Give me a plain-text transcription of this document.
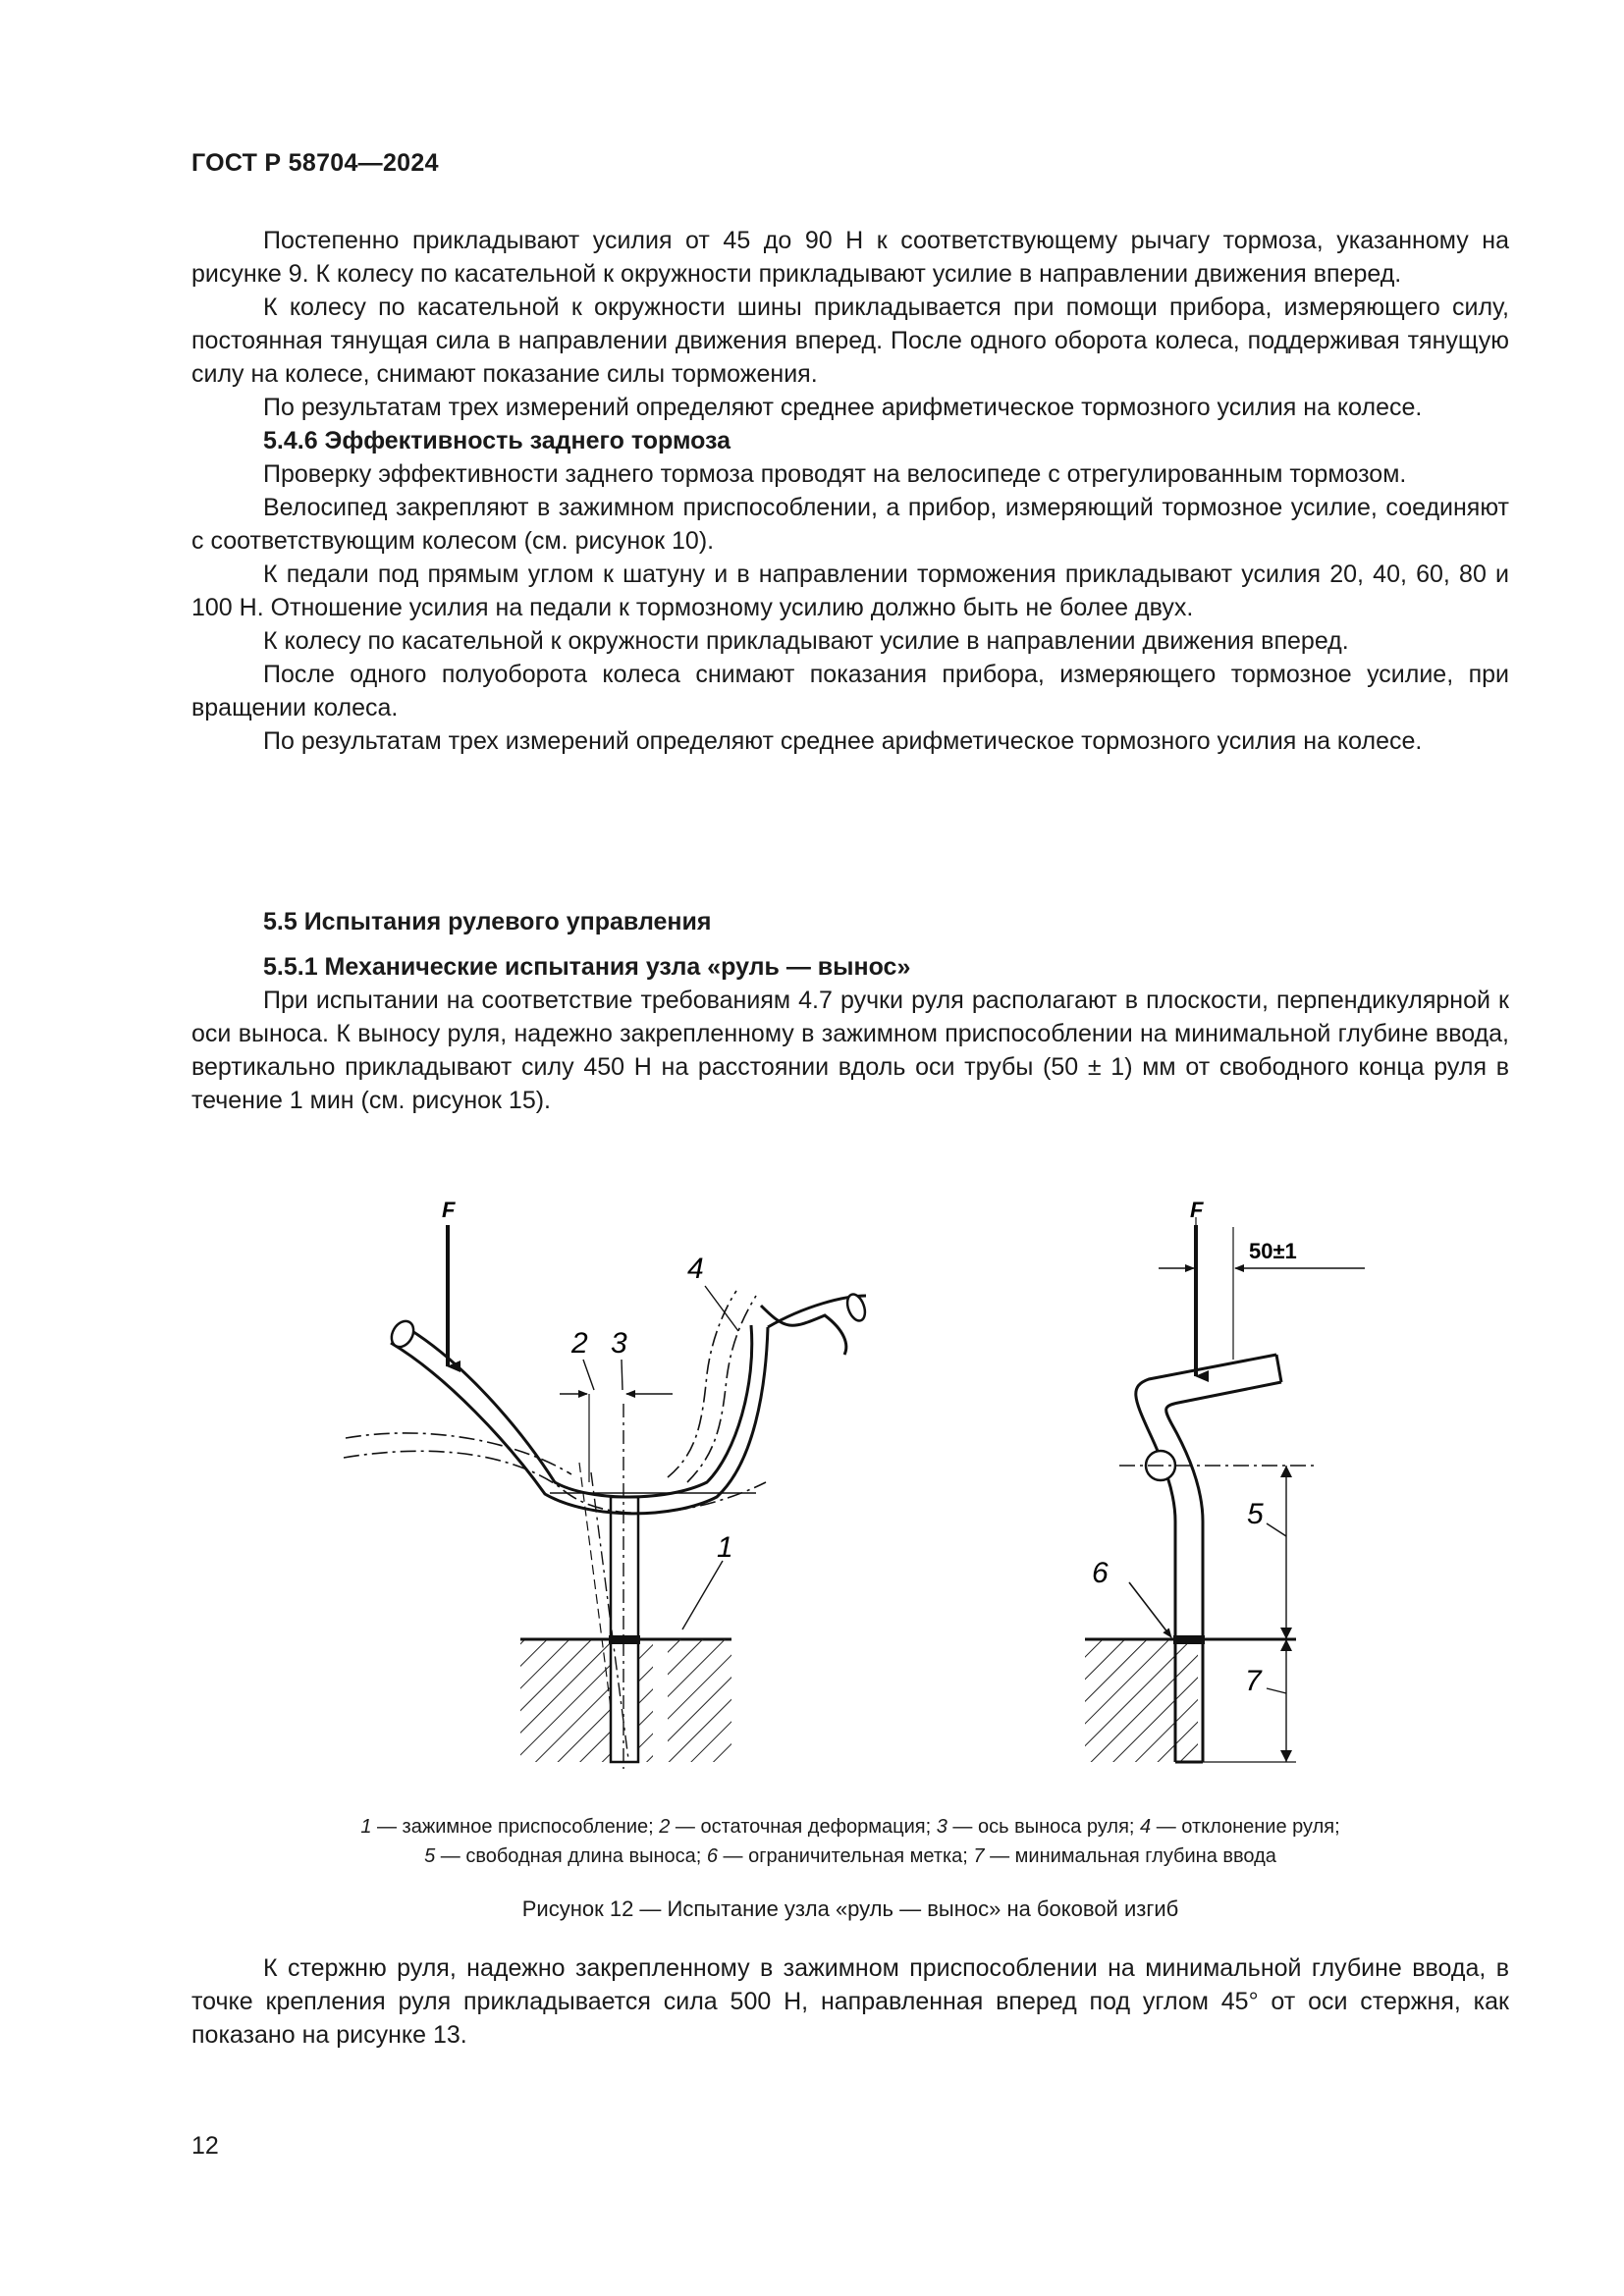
ГОСТ Р 58704—2024

Постепенно прикладывают усилия от 45 до 90 Н к соответствующему рычагу тормоза, указанному на рисунке 9. К колесу по касательной к окружности прикладывают усилие в направлении движения вперед.

К колесу по касательной к окружности шины прикладывается при помощи прибора, измеряющего силу, постоянная тянущая сила в направлении движения вперед. После одного оборота колеса, поддерживая тянущую силу на колесе, снимают показание силы торможения.

По результатам трех измерений определяют среднее арифметическое тормозного усилия на колесе.

5.4.6 Эффективность заднего тормоза

Проверку эффективности заднего тормоза проводят на велосипеде с отрегулированным тормозом.

Велосипед закрепляют в зажимном приспособлении, а прибор, измеряющий тормозное усилие, соединяют с соответствующим колесом (см. рисунок 10).

К педали под прямым углом к шатуну и в направлении торможения прикладывают усилия 20, 40, 60, 80 и 100 Н. Отношение усилия на педали к тормозному усилию должно быть не более двух.

К колесу по касательной к окружности прикладывают усилие в направлении движения вперед.

После одного полуоборота колеса снимают показания прибора, измеряющего тормозное усилие, при вращении колеса.

По результатам трех измерений определяют среднее арифметическое тормозного усилия на колесе.

5.5 Испытания рулевого управления

5.5.1 Механические испытания узла «руль — вынос»

При испытании на соответствие требованиям 4.7 ручки руля располагают в плоскости, перпендикулярной к оси выноса. К выносу руля, надежно закрепленному в зажимном приспособлении на минимальной глубине ввода, вертикально прикладывают силу 450 Н на расстоянии вдоль оси трубы (50 ± 1) мм от свободного конца руля в течение 1 мин (см. рисунок 15).

F
2 3
4
1
50±1
F
5
7
6
1 — зажимное приспособление; 2 — остаточная деформация; 3 — ось выноса руля; 4 — отклонение руля;
5 — свободная длина выноса; 6 — ограничительная метка; 7 — минимальная глубина ввода
Рисунок 12 — Испытание узла «руль — вынос» на боковой изгиб

К стержню руля, надежно закрепленному в зажимном приспособлении на минимальной глубине ввода, в точке крепления руля прикладывается сила 500 Н, направленная вперед под углом 45° от оси стержня, как показано на рисунке 13.

12
